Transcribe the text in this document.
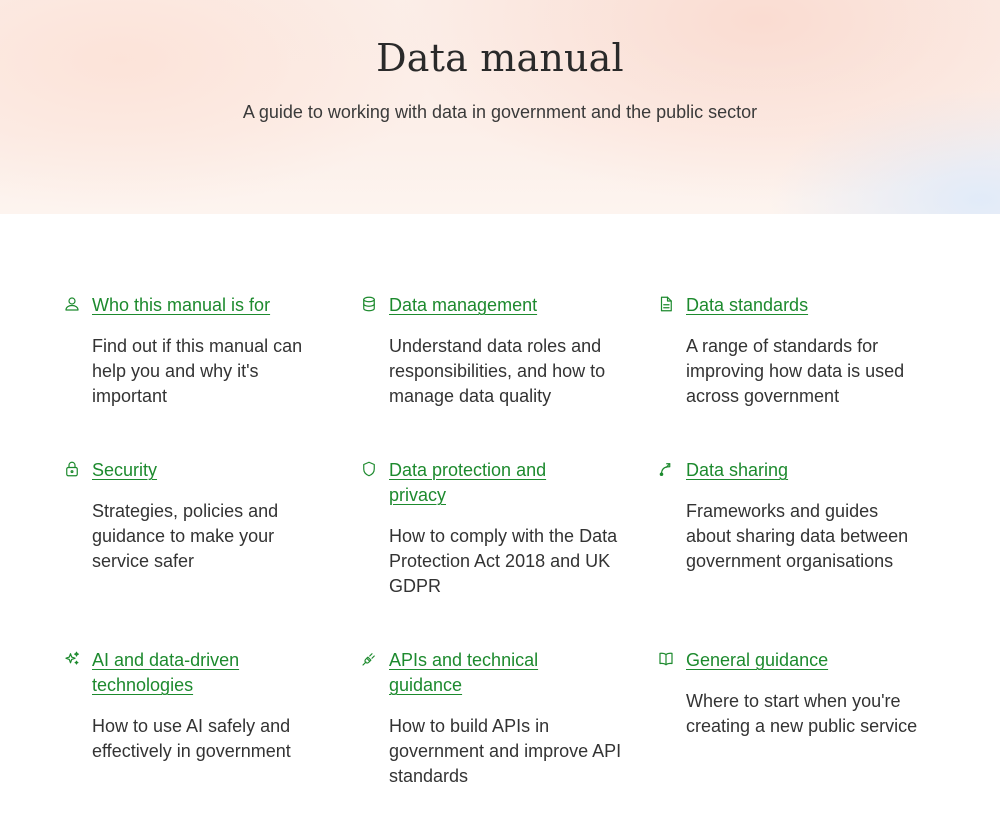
Data manual

A guide to working with data in government and the public sector

Who this manual is for

Find out if this manual can help you and why it's important

Data management

Understand data roles and responsibilities, and how to manage data quality

Data standards

A range of standards for improving how data is used across government

Security

Strategies, policies and guidance to make your service safer

Data protection and privacy

How to comply with the Data Protection Act 2018 and UK GDPR

Data sharing

Frameworks and guides about sharing data between government organisations

AI and data-driven technologies

How to use AI safely and effectively in government

APIs and technical guidance

How to build APIs in government and improve API standards

General guidance

Where to start when you're creating a new public service
